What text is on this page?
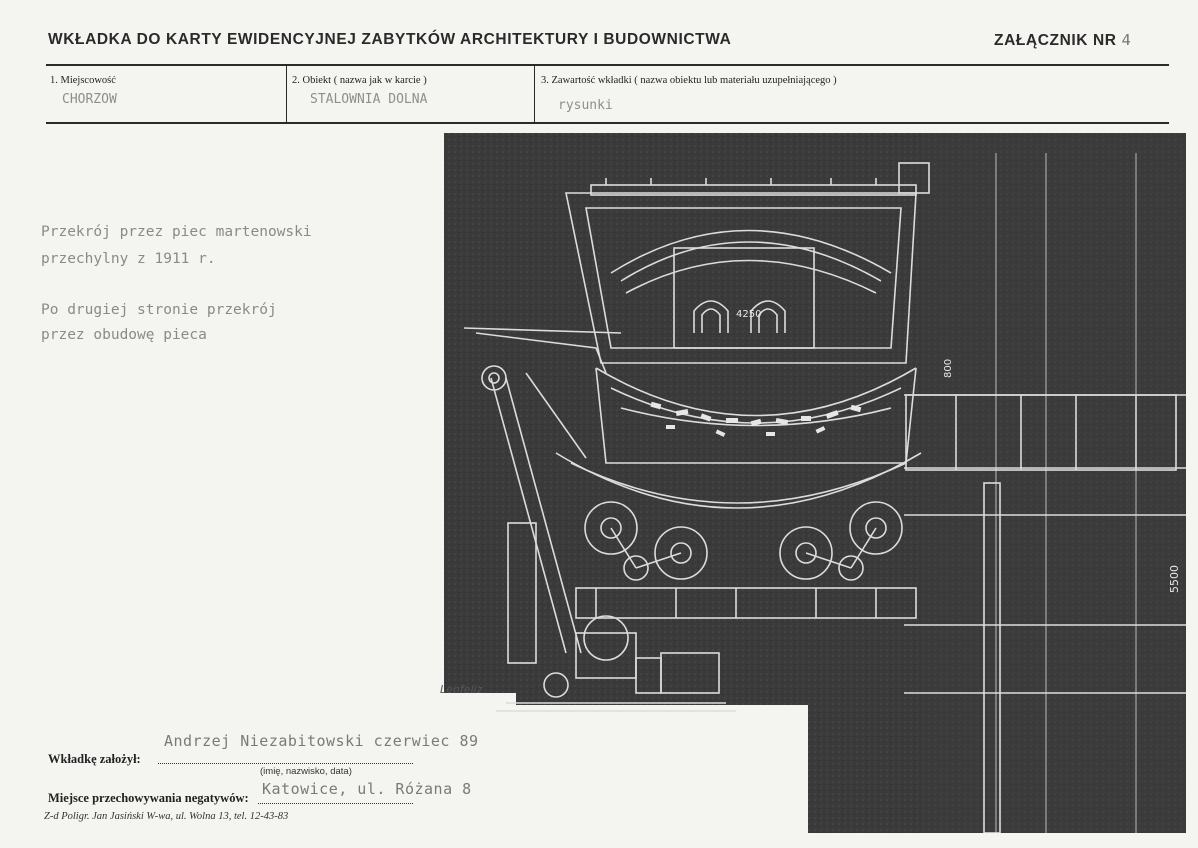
WKŁADKA DO KARTY EWIDENCYJNEJ ZABYTKÓW ARCHITEKTURY I BUDOWNICTWA	ZAŁĄCZNIK NR 4
1. Miejscowość
CHORZOW
2. Obiekt ( nazwa jak w karcie )
STALOWNIA DOLNA
3. Zawartość wkładki ( nazwa obiektu lub materiału uzupełniającego )
rysunki
Przekrój przez piec martenowski
przechylny z 1911 r.
Po drugiej stronie przekrój
przez obudowę pieca
4250
800
5500
Lenfeliz
Andrzej Niezabitowski czerwiec 89
Wkładkę założył:
(imię, nazwisko, data)
Katowice, ul. Różana 8
Miejsce przechowywania negatywów:
Z-d Poligr. Jan Jasiński W-wa, ul. Wolna 13, tel. 12-43-83
